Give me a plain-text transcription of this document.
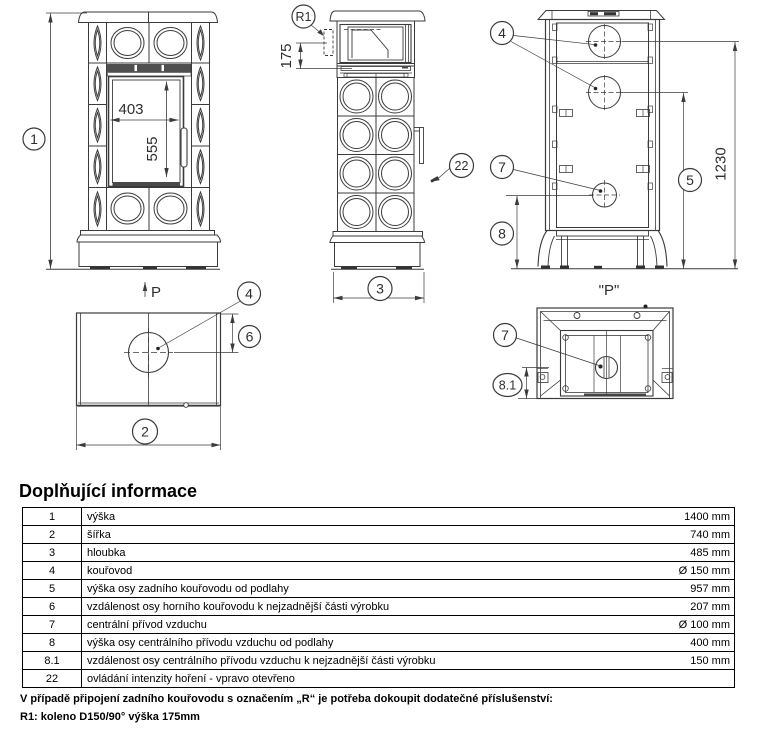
403
555
P
1
175
R1
3
22	1230
4
7
5
8
"P"
4
6
2
7
8.1
Doplňující informace
1	výška	1400 mm
2	šířka	740 mm
3	hloubka	485 mm
4	kouřovod	Ø 150 mm
5	výška osy zadního kouřovodu od podlahy	957 mm
6	vzdálenost osy horního kouřovodu k nejzadnější části výrobku	207 mm
7	centrální přívod vzduchu	Ø 100 mm
8	výška osy centrálního přívodu vzduchu od podlahy	400 mm
8.1	vzdálenost osy centrálního přívodu vzduchu k nejzadnější části výrobku	150 mm
22	ovládání intenzity hoření - vpravo otevřeno	
V případě připojení zadního kouřovodu s označením „R“ je potřeba dokoupit dodatečné příslušenství:
R1: koleno D150/90° výška 175mm
